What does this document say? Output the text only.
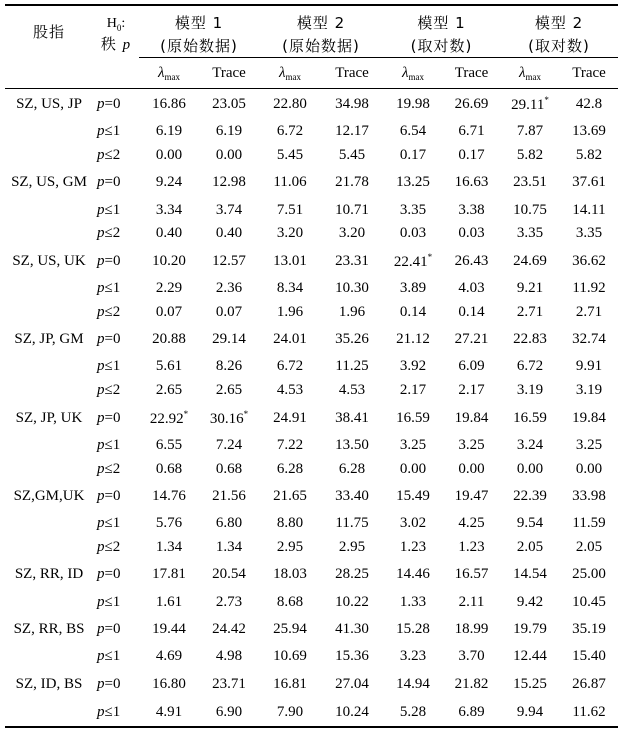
股指	$H_0$:	模型 1		模型 2		模型 1		模型 2	
	秩 p	(原始数据)		(原始数据)		(取对数)		(取对数)	
		$\lambda_{max}$	Trace	$\lambda_{max}$	Trace	$\lambda_{max}$	Trace	$\lambda_{max}$	Trace
SZ, US, JP	p=0	16.86	23.05	22.80	34.98	19.98	26.69	29.11*	42.8
	p≤1	6.19	6.19	6.72	12.17	6.54	6.71	7.87	13.69
	p≤2	0.00	0.00	5.45	5.45	0.17	0.17	5.82	5.82
SZ, US, GM	p=0	9.24	12.98	11.06	21.78	13.25	16.63	23.51	37.61
	p≤1	3.34	3.74	7.51	10.71	3.35	3.38	10.75	14.11
	p≤2	0.40	0.40	3.20	3.20	0.03	0.03	3.35	3.35
SZ, US, UK	p=0	10.20	12.57	13.01	23.31	22.41*	26.43	24.69	36.62
	p≤1	2.29	2.36	8.34	10.30	3.89	4.03	9.21	11.92
	p≤2	0.07	0.07	1.96	1.96	0.14	0.14	2.71	2.71
SZ, JP, GM	p=0	20.88	29.14	24.01	35.26	21.12	27.21	22.83	32.74
	p≤1	5.61	8.26	6.72	11.25	3.92	6.09	6.72	9.91
	p≤2	2.65	2.65	4.53	4.53	2.17	2.17	3.19	3.19
SZ, JP, UK	p=0	22.92*	30.16*	24.91	38.41	16.59	19.84	16.59	19.84
	p≤1	6.55	7.24	7.22	13.50	3.25	3.25	3.24	3.25
	p≤2	0.68	0.68	6.28	6.28	0.00	0.00	0.00	0.00
SZ,GM,UK	p=0	14.76	21.56	21.65	33.40	15.49	19.47	22.39	33.98
	p≤1	5.76	6.80	8.80	11.75	3.02	4.25	9.54	11.59
	p≤2	1.34	1.34	2.95	2.95	1.23	1.23	2.05	2.05
SZ, RR, ID	p=0	17.81	20.54	18.03	28.25	14.46	16.57	14.54	25.00
	p≤1	1.61	2.73	8.68	10.22	1.33	2.11	9.42	10.45
SZ, RR, BS	p=0	19.44	24.42	25.94	41.30	15.28	18.99	19.79	35.19
	p≤1	4.69	4.98	10.69	15.36	3.23	3.70	12.44	15.40
SZ, ID, BS	p=0	16.80	23.71	16.81	27.04	14.94	21.82	15.25	26.87
	p≤1	4.91	6.90	7.90	10.24	5.28	6.89	9.94	11.62
